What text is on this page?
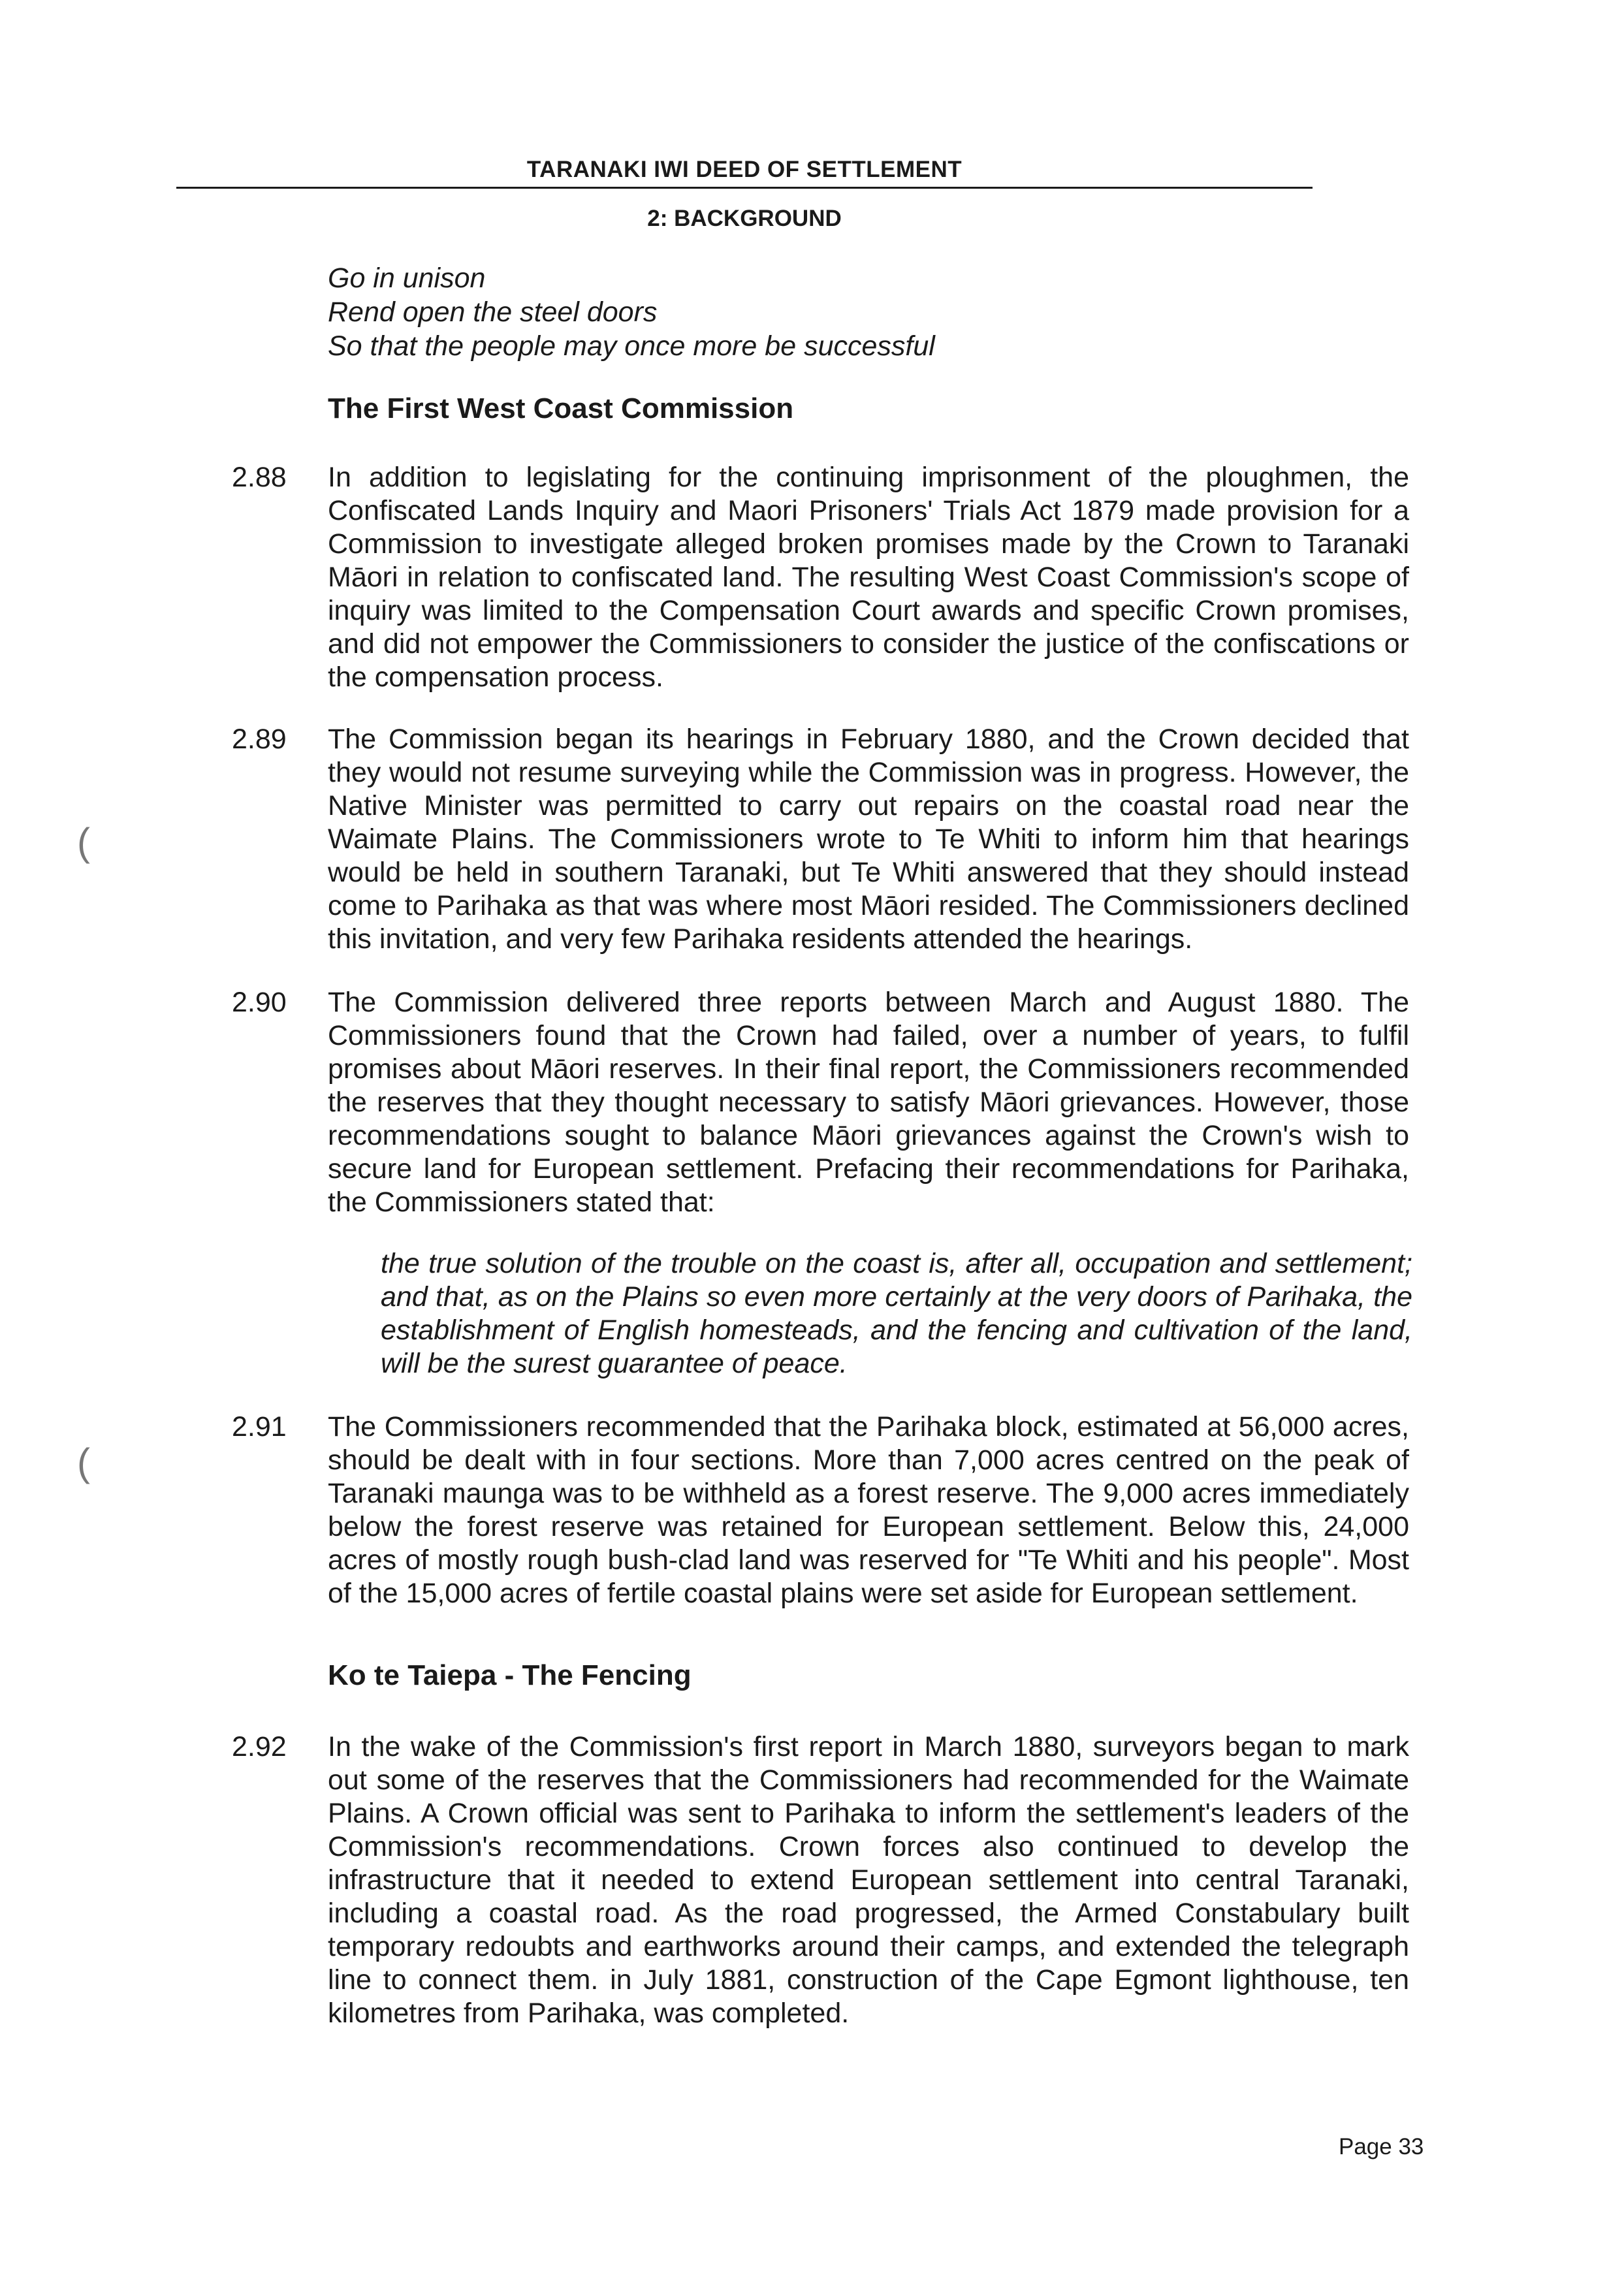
TARANAKI IWI DEED OF SETTLEMENT
2: BACKGROUND
Go in unison
Rend open the steel doors
So that the people may once more be successful
The First West Coast Commission
2.88 In addition to legislating for the continuing imprisonment of the ploughmen, the Confiscated Lands Inquiry and Maori Prisoners' Trials Act 1879 made provision for a Commission to investigate alleged broken promises made by the Crown to Taranaki Māori in relation to confiscated land. The resulting West Coast Commission's scope of inquiry was limited to the Compensation Court awards and specific Crown promises, and did not empower the Commissioners to consider the justice of the confiscations or the compensation process.
2.89 The Commission began its hearings in February 1880, and the Crown decided that they would not resume surveying while the Commission was in progress. However, the Native Minister was permitted to carry out repairs on the coastal road near the Waimate Plains. The Commissioners wrote to Te Whiti to inform him that hearings would be held in southern Taranaki, but Te Whiti answered that they should instead come to Parihaka as that was where most Māori resided. The Commissioners declined this invitation, and very few Parihaka residents attended the hearings.
2.90 The Commission delivered three reports between March and August 1880. The Commissioners found that the Crown had failed, over a number of years, to fulfil promises about Māori reserves. In their final report, the Commissioners recommended the reserves that they thought necessary to satisfy Māori grievances. However, those recommendations sought to balance Māori grievances against the Crown's wish to secure land for European settlement. Prefacing their recommendations for Parihaka, the Commissioners stated that:
the true solution of the trouble on the coast is, after all, occupation and settlement; and that, as on the Plains so even more certainly at the very doors of Parihaka, the establishment of English homesteads, and the fencing and cultivation of the land, will be the surest guarantee of peace.
2.91 The Commissioners recommended that the Parihaka block, estimated at 56,000 acres, should be dealt with in four sections. More than 7,000 acres centred on the peak of Taranaki maunga was to be withheld as a forest reserve. The 9,000 acres immediately below the forest reserve was retained for European settlement. Below this, 24,000 acres of mostly rough bush-clad land was reserved for "Te Whiti and his people". Most of the 15,000 acres of fertile coastal plains were set aside for European settlement.
Ko te Taiepa - The Fencing
2.92 In the wake of the Commission's first report in March 1880, surveyors began to mark out some of the reserves that the Commissioners had recommended for the Waimate Plains. A Crown official was sent to Parihaka to inform the settlement's leaders of the Commission's recommendations. Crown forces also continued to develop the infrastructure that it needed to extend European settlement into central Taranaki, including a coastal road. As the road progressed, the Armed Constabulary built temporary redoubts and earthworks around their camps, and extended the telegraph line to connect them. in July 1881, construction of the Cape Egmont lighthouse, ten kilometres from Parihaka, was completed.
(
(
Page 33
